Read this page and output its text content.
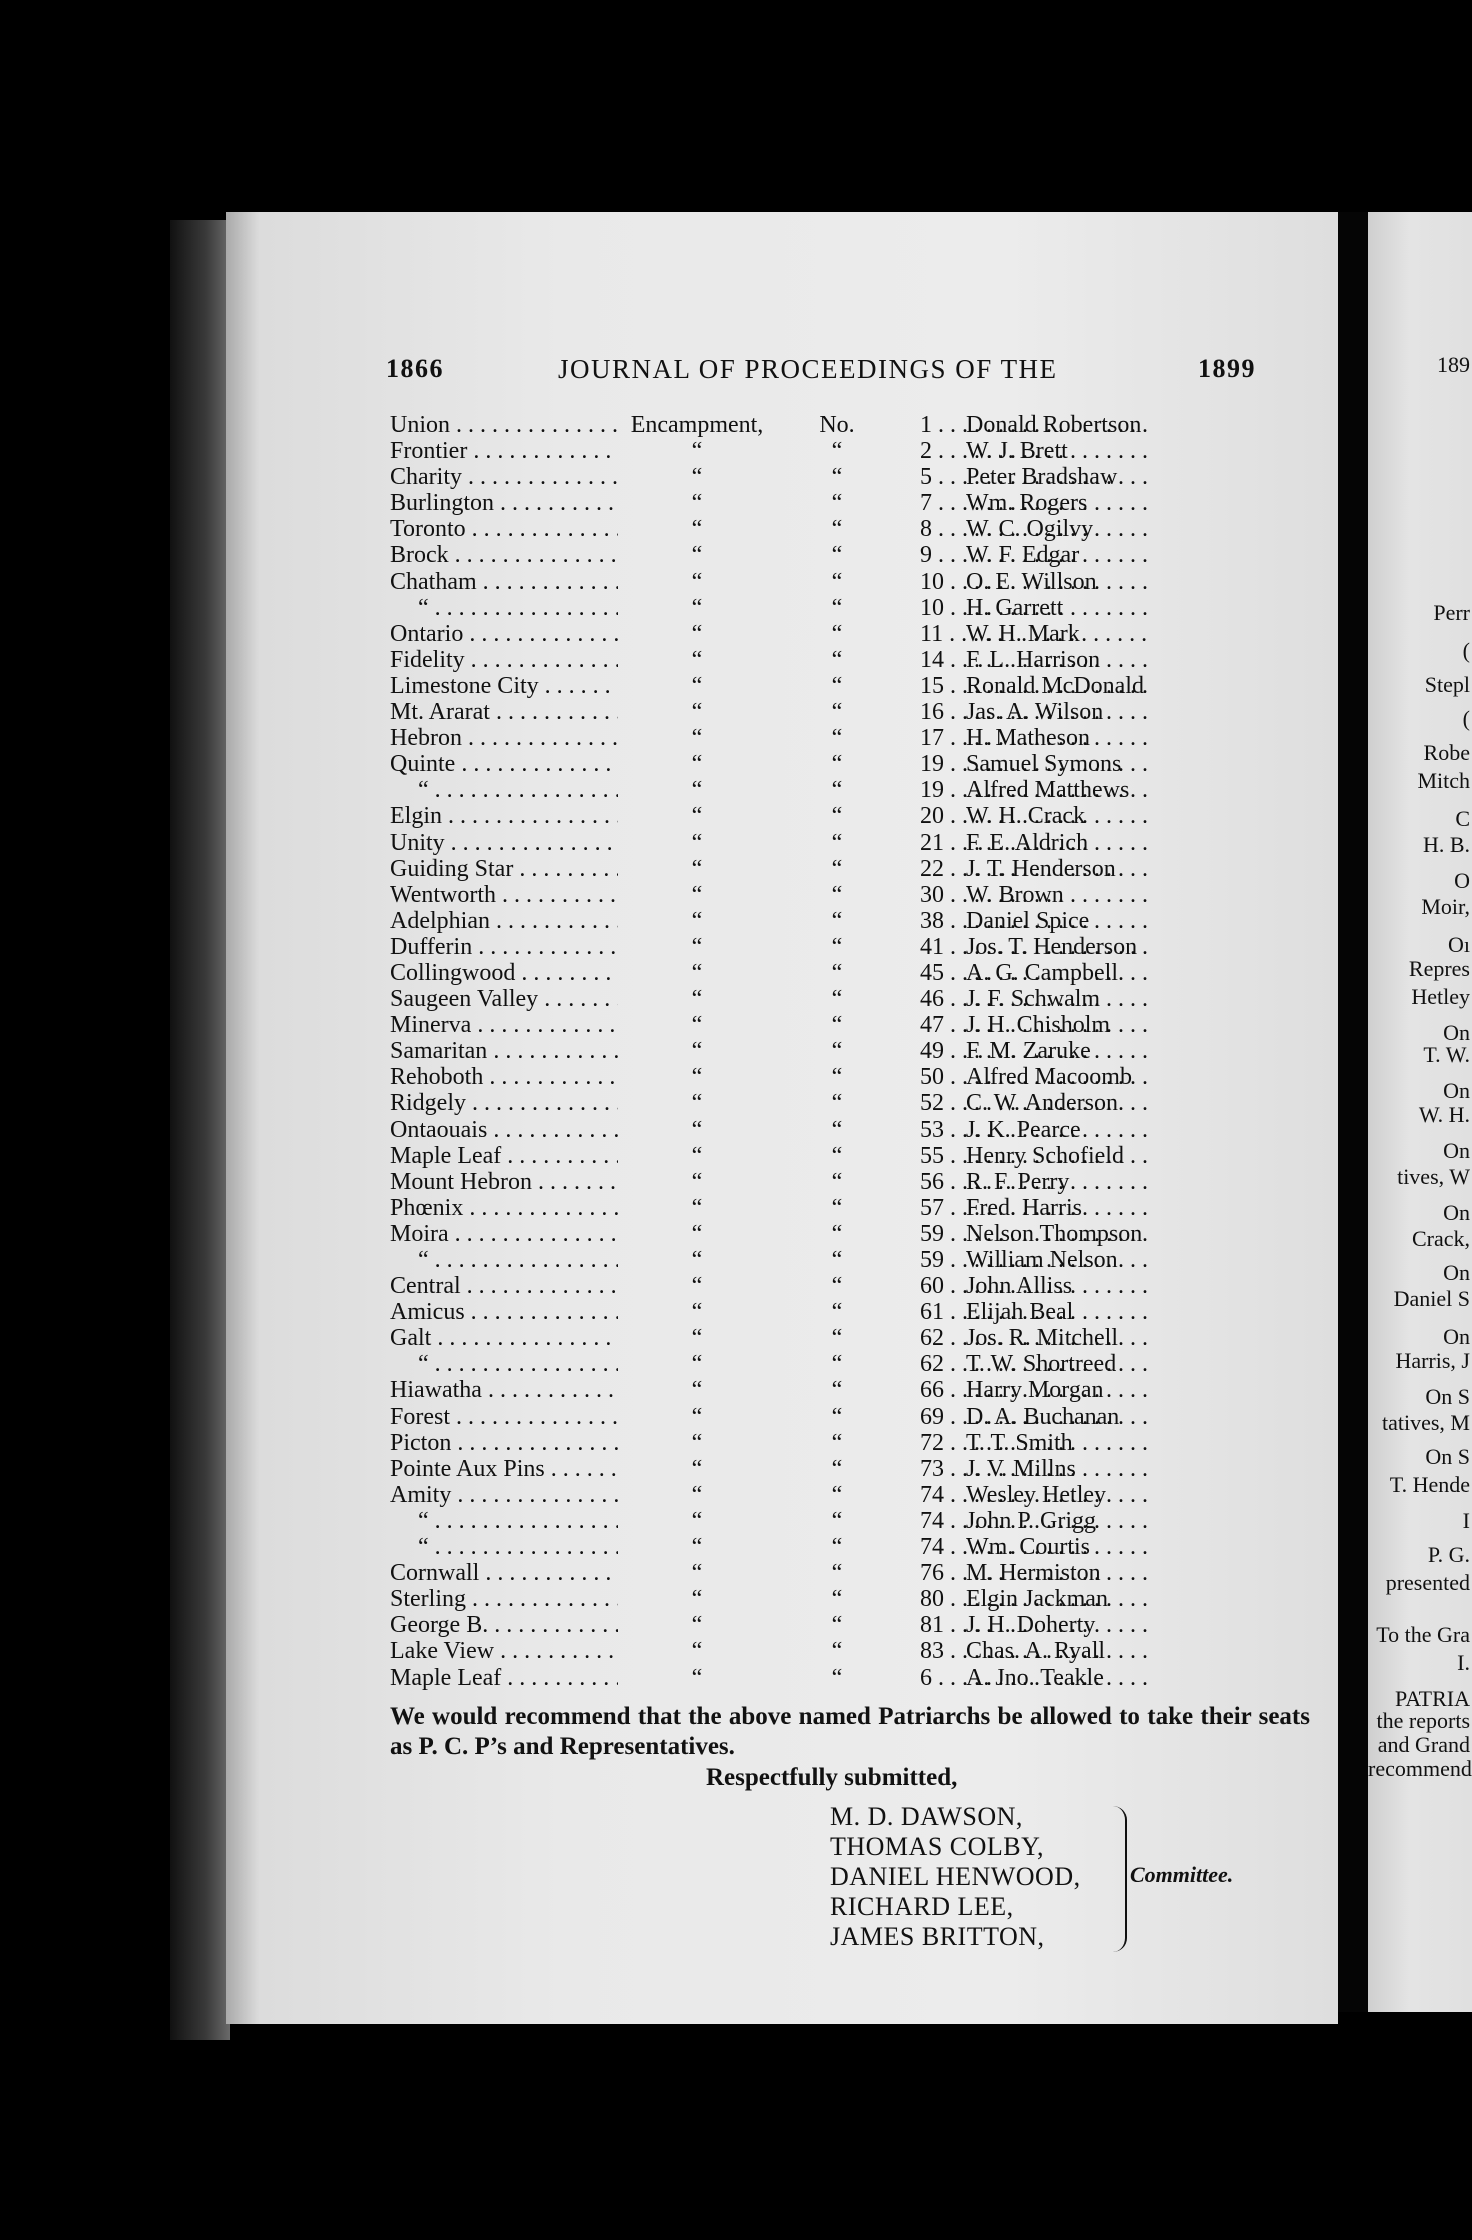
1866	JOURNAL OF PROCEEDINGS OF THE	1899
Union . . .	Encampment,	No.	1 . . .	Donald Robertson
Frontier . . .	“	“	2 . . .	W. J. Brett
Charity . . .	“	“	5 . . .	Peter Bradshaw
Burlington . . .	“	“	7 . . .	Wm. Rogers
Toronto . . .	“	“	8 . . .	W. C. Ogilvy
Brock . . .	“	“	9 . . .	W. F. Edgar
Chatham . . .	“	“	10 . . . O. E. Willson
“ . . .	“	“	10 . . . H. Garrett
Ontario . . .	“	“	11 . . . W. H. Mark
Fidelity . . .	“	“	14 . . . F. L. Harrison
Limestone City . . .	“	“	15 . . . Ronald McDonald
Mt. Ararat . . .	“	“	16 . . . Jas. A. Wilson
Hebron . . .	“	“	17 . . . H. Matheson
Quinte . . .	“	“	19 . . . Samuel Symons
“ . . .	“	“	19 . . . Alfred Matthews
Elgin . . .	“	“	20 . . . W. H. Crack
Unity . . .	“	“	21 . . . F. E. Aldrich
Guiding Star . . .	“	“	22 . . . J. T. Henderson
Wentworth . . .	“	“	30 . . . W. Brown
Adelphian . . .	“	“	38 . . . Daniel Spice
Dufferin . . .	“	“	41 . . . Jos. T. Henderson
Collingwood . . .	“	“	45 . . . A. G. Campbell
Saugeen Valley . . .	“	“	46 . . . J. F. Schwalm
Minerva . . .	“	“	47 . . . J. H. Chisholm
Samaritan . . .	“	“	49 . . . F. M. Zaruke
Rehoboth . . .	“	“	50 . . . Alfred Macoomb
Ridgely . . .	“	“	52 . . . C. W. Anderson
Ontaouais . . .	“	“	53 . . . J. K. Pearce
Maple Leaf . . .	“	“	55 . . . Henry Schofield
Mount Hebron . . .	“	“	56 . . . R. F. Perry
Phœnix . . .	“	“	57 . . . Fred. Harris
Moira . . .	“	“	59 . . . Nelson Thompson
“ . . .	“	“	59 . . . William Nelson
Central . . .	“	“	60 . . . John Alliss
Amicus . . .	“	“	61 . . . Elijah Beal
Galt . . .	“	“	62 . . . Jos. R. Mitchell
“ . . .	“	“	62 . . . T. W. Shortreed
Hiawatha . . .	“	“	66 . . . Harry Morgan
Forest . . .	“	“	69 . . . D. A. Buchanan
Picton . . .	“	“	72 . . . T. T. Smith
Pointe Aux Pins . . .	“	“	73 . . . J. V. Millns
Amity . . .	“	“	74 . . . Wesley Hetley
“ . . .	“	“	74 . . . John P. Grigg
“ . . .	“	“	74 . . . Wm. Courtis
Cornwall . . .	“	“	76 . . . M. Hermiston
Sterling . . .	“	“	80 . . . Elgin Jackman
George B. . . .	“	“	81 . . . J. H. Doherty
Lake View . . .	“	“	83 . . . Chas. A. Ryall
Maple Leaf . . .	“	“	6 . . .	A. Jno. Teakle
We would recommend that the above named Patriarchs be allowed to take their seats as P. C. P’s and Representatives.
Respectfully submitted,
M. D. DAWSON,
THOMAS COLBY,
DANIEL HENWOOD,
RICHARD LEE,
JAMES BRITTON,
Committee.
189
Perr
(
Stepl
(
Robe
Mitch
C
H. B.
O
Moir,
Oı
Repres
Hetley
On
T. W.
On
W. H.
On
tives, W
On
Crack,
On
Daniel S
On
Harris, J
On S
tatives, M
On S
T. Hende
I
P. G.
presented
To the Gra
I.
PATRIA
the reports
and Grand
recommend
